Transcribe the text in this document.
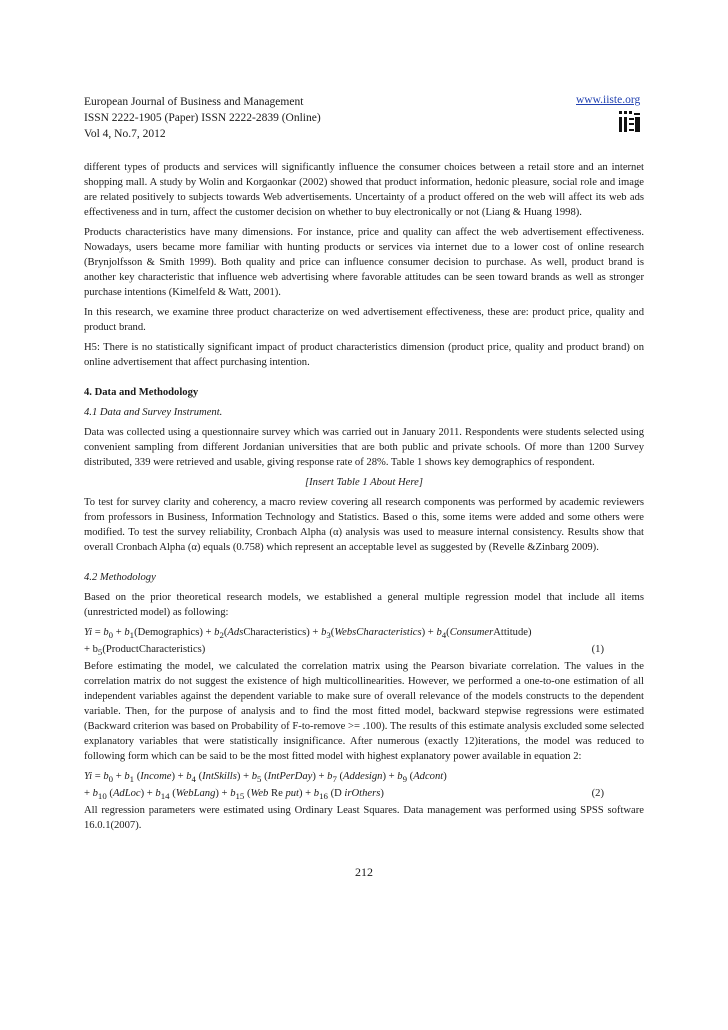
European Journal of Business and Management
ISSN 2222-1905 (Paper) ISSN 2222-2839 (Online)
Vol 4, No.7, 2012
www.iiste.org

different types of products and services will significantly influence the consumer choices between a retail store and an internet shopping mall. A study by Wolin and Korgaonkar (2002) showed that product information, hedonic pleasure, social role and image are related positively to subjects towards Web advertisements. Uncertainty of a product offered on the web will affect its web ads effectiveness and in turn, affect the customer decision on whether to buy electronically or not (Liang & Huang 1998).

Products characteristics have many dimensions. For instance, price and quality can affect the web advertisement effectiveness. Nowadays, users became more familiar with hunting products or services via internet due to a lower cost of online research (Brynjolfsson & Smith 1999). Both quality and price can influence consumer decision to purchase. As well, product brand is another key characteristic that influence web advertising where favorable attitudes can be seen toward brands as well as stronger purchase intentions (Kimelfeld & Watt, 2001).

In this research, we examine three product characterize on wed advertisement effectiveness, these are: product price, quality and product brand.

H5: There is no statistically significant impact of product characteristics dimension (product price, quality and product brand) on online advertisement that affect purchasing intention.

4. Data and Methodology

4.1 Data and Survey Instrument.

Data was collected using a questionnaire survey which was carried out in January 2011. Respondents were students selected using convenient sampling from different Jordanian universities that are both public and private schools. Of more than 1200 Survey distributed, 339 were retrieved and usable, giving response rate of 28%. Table 1 shows key demographics of respondent.

[Insert Table 1 About Here]

To test for survey clarity and coherency, a macro review covering all research components was performed by academic reviewers from professors in Business, Information Technology and Statistics. Based o this, some items were added and some others were modified. To test the survey reliability, Cronbach Alpha (α) analysis was used to measure internal consistency. Results show that overall Cronbach Alpha (α) equals (0.758) which represent an acceptable level as suggested by (Revelle &Zinbarg 2009).

4.2 Methodology

Based on the prior theoretical research models, we established a general multiple regression model that include all items (unrestricted model) as following:

$Yi = b_0$ + $b_1(Demographics)$ + $b_2(AdsCharacteristics)$ + $b_3(WebsCharacteristics)$ + $b_4(ConsumerAttitude)$
+ $b_5(ProductCharacteristics)$	(1)

Before estimating the model, we calculated the correlation matrix using the Pearson bivariate correlation. The values in the correlation matrix do not suggest the existence of high multicollinearities. However, we performed a one-to-one estimation of all independent variables against the dependent variable to make sure of overall relevance of the models constructs to the dependent variable. Then, for the purpose of analysis and to find the most fitted model, backward stepwise regressions were estimated (Backward criterion was based on Probability of F-to-remove >= .100). The results of this estimate analysis excluded some selected explanatory variables that were statistically insignificance. After numerous (exactly 12)iterations, the model was reduced to following form which can be said to be the most fitted model with highest explanatory power available in equation 2:

$Yi = b_0 + b_1$ (Income) + $b_4$ (IntSkills) + $b_5$ (IntPerDay) + $b_7$ (Addesign) + $b_9$ (Adcont)
+ $b_{10}$ (AdLoc) + $b_{14}$ (WebLang) + $b_{15}$ (Web Re $put) + b_{16}$ (D irOthers)	(2)

All regression parameters were estimated using Ordinary Least Squares. Data management was performed using SPSS software 16.0.1(2007).

212
